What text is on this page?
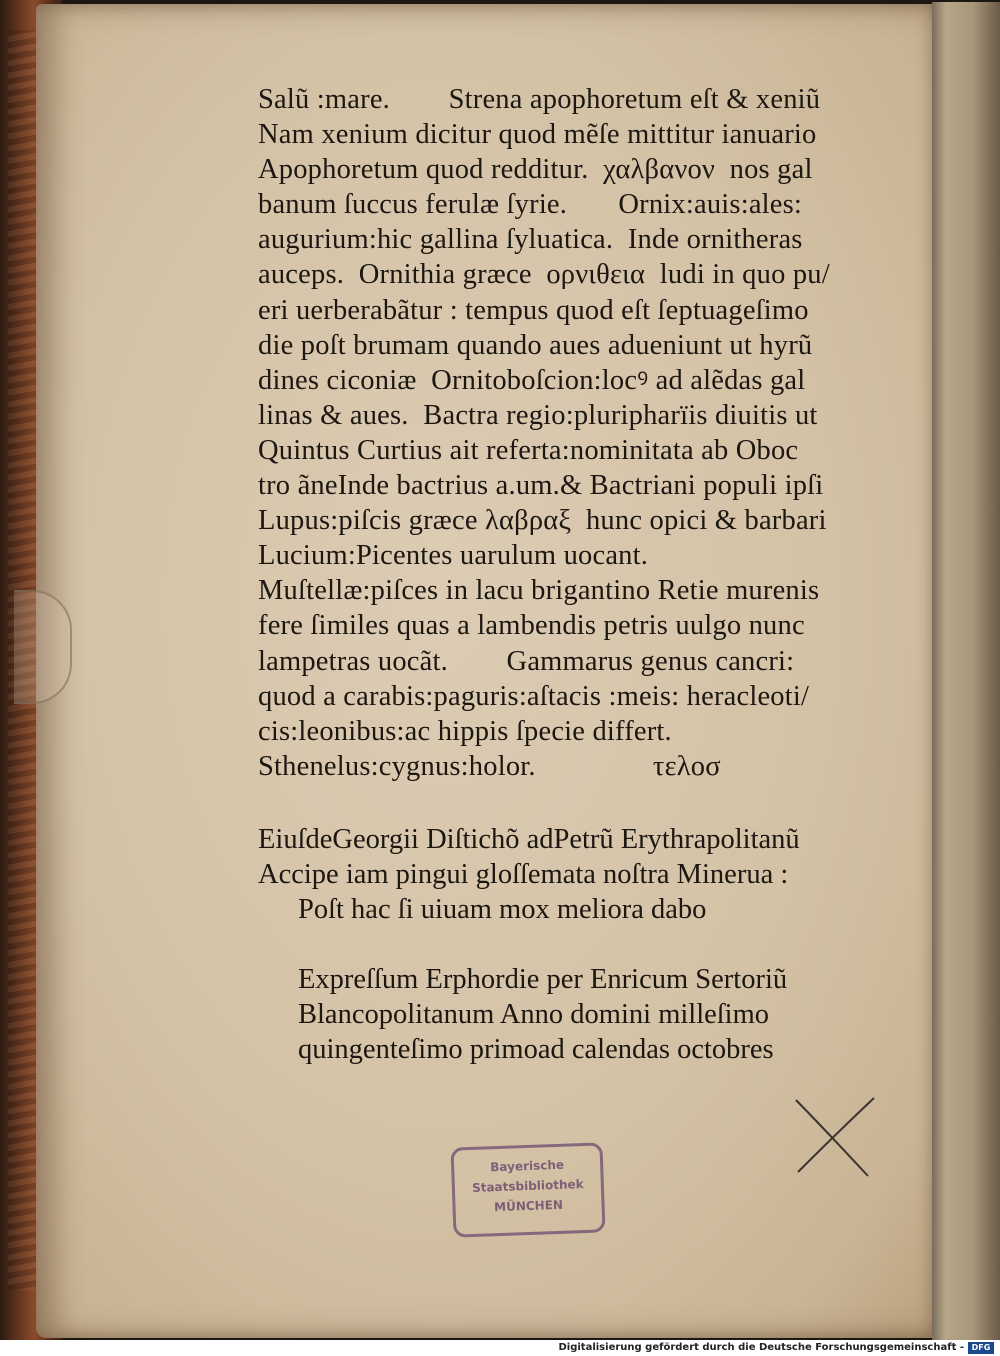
Salũ :mare.        Strena apophoretum eſt & xeniũ
Nam xenium dicitur quod mẽſe mittitur ianuario
Apophoretum quod redditur.  χαλβανον  nos gal
banum ſuccus ferulæ ſyrie.       Ornix:auis:ales:
augurium:hic gallina ſyluatica.  Inde ornitheras
auceps.  Ornithia græce  ορνιθεια  ludi in quo pu/
eri uerberabãtur : tempus quod eſt ſeptuageſimo
die poſt brumam quando aues adueniunt ut hyrũ
dines ciconiæ  Ornitoboſcion:locꝰ ad alẽdas gal
linas & aues.  Bactra regio:pluripharïis diuitis ut
Quintus Curtius ait referta:nominitata ab Oboc
tro ãneInde bactrius a.um.& Bactriani populi ipſi
Lupus:piſcis græce λαβραξ  hunc opici & barbari
Lucium:Picentes uarulum uocant.
Muſtellæ:piſces in lacu brigantino Retie murenis
fere ſimiles quas a lambendis petris uulgo nunc
lampetras uocãt.        Gammarus genus cancri:
quod a carabis:paguris:aſtacis :meis: heracleoti/
cis:leonibus:ac hippis ſpecie differt.
Sthenelus:cygnus:holor.                τελοσ
EiuſdeGeorgii Diſtichõ adPetrũ Erythrapolitanũ
Accipe iam pingui gloſſemata noſtra Minerua :
Poſt hac ſi uiuam mox meliora dabo
Expreſſum Erphordie per Enricum Sertoriũ
Blancopolitanum Anno domini milleſimo
quingenteſimo primoad calendas octobres
Bayerische
Staatsbibliothek
MÜNCHEN
Digitalisierung gefördert durch die Deutsche Forschungsgemeinschaft - DFG
